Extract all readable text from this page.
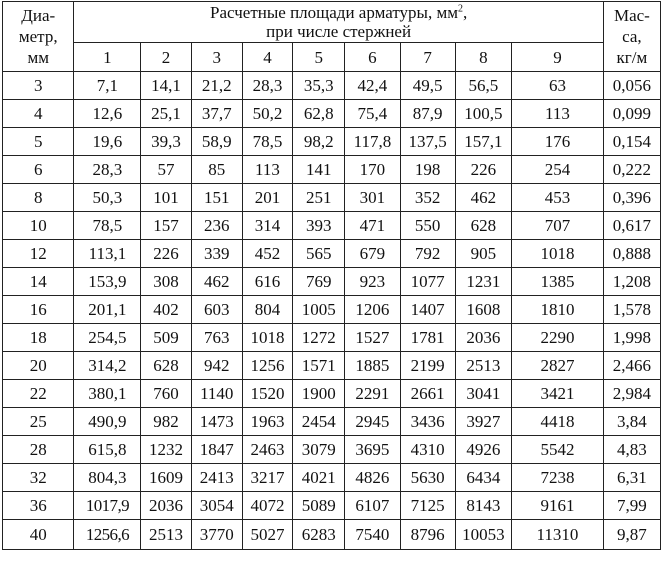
Диа-
метр,
мм	Расчетные площади арматуры, $мм^2$,
при числе стержней									Мас-
са,
кг/м

	1	2	3	4	5	6	7	8	9	
3	7,1	14,1	21,2	28,3	35,3	42,4	49,5	56,5	63	0,056
4	12,6	25,1	37,7	50,2	62,8	75,4	87,9	100,5	113	0,099
5	19,6	39,3	58,9	78,5	98,2	117,8	137,5	157,1	176	0,154
6	28,3	57	85	113	141	170	198	226	254	0,222
8	50,3	101	151	201	251	301	352	462	453	0,396
10	78,5	157	236	314	393	471	550	628	707	0,617
12	113,1	226	339	452	565	679	792	905	1018	0,888
14	153,9	308	462	616	769	923	1077	1231	1385	1,208
16	201,1	402	603	804	1005	1206	1407	1608	1810	1,578
18	254,5	509	763	1018	1272	1527	1781	2036	2290	1,998
20	314,2	628	942	1256	1571	1885	2199	2513	2827	2,466
22	380,1	760	1140	1520	1900	2291	2661	3041	3421	2,984
25	490,9	982	1473	1963	2454	2945	3436	3927	4418	3,84
28	615,8	1232	1847	2463	3079	3695	4310	4926	5542	4,83
32	804,3	1609	2413	3217	4021	4826	5630	6434	7238	6,31
36	1017,9	2036	3054	4072	5089	6107	7125	8143	9161	7,99
40	1256,6	2513	3770	5027	6283	7540	8796	10053	11310	9,87
